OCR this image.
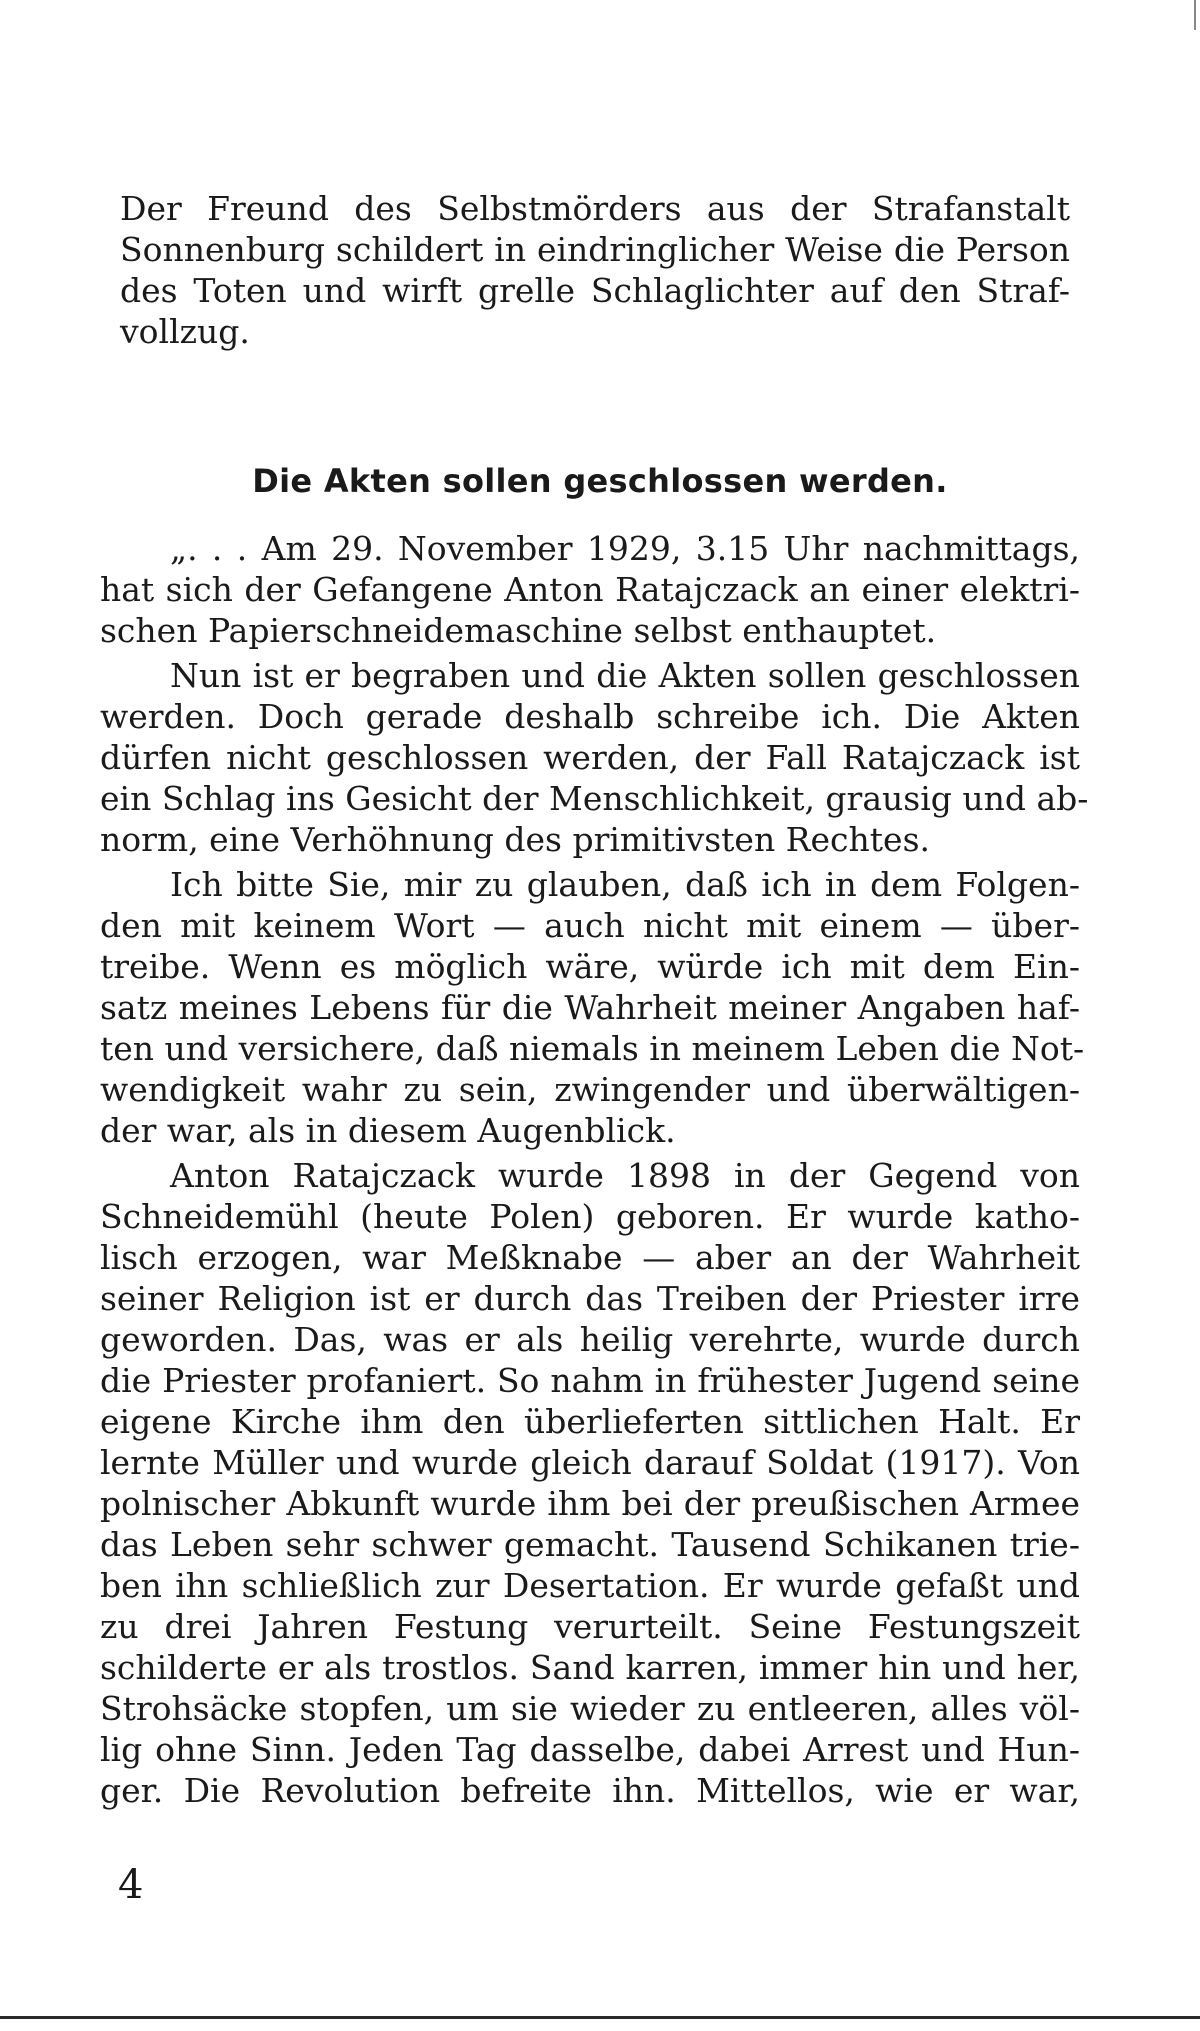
Der Freund des Selbstmörders aus der Strafanstalt
Sonnenburg schildert in eindringlicher Weise die Person
des Toten und wirft grelle Schlaglichter auf den Straf-
vollzug.
Die Akten sollen geschlossen werden.
„. . . Am 29. November 1929, 3.15 Uhr nachmittags,
hat sich der Gefangene Anton Ratajczack an einer elektri-
schen Papierschneidemaschine selbst enthauptet.
Nun ist er begraben und die Akten sollen geschlossen
werden. Doch gerade deshalb schreibe ich. Die Akten
dürfen nicht geschlossen werden, der Fall Ratajczack ist
ein Schlag ins Gesicht der Menschlichkeit, grausig und ab-
norm, eine Verhöhnung des primitivsten Rechtes.
Ich bitte Sie, mir zu glauben, daß ich in dem Folgen-
den mit keinem Wort — auch nicht mit einem — über-
treibe. Wenn es möglich wäre, würde ich mit dem Ein-
satz meines Lebens für die Wahrheit meiner Angaben haf-
ten und versichere, daß niemals in meinem Leben die Not-
wendigkeit wahr zu sein, zwingender und überwältigen-
der war, als in diesem Augenblick.
Anton Ratajczack wurde 1898 in der Gegend von
Schneidemühl (heute Polen) geboren. Er wurde katho-
lisch erzogen, war Meßknabe — aber an der Wahrheit
seiner Religion ist er durch das Treiben der Priester irre
geworden. Das, was er als heilig verehrte, wurde durch
die Priester profaniert. So nahm in frühester Jugend seine
eigene Kirche ihm den überlieferten sittlichen Halt. Er
lernte Müller und wurde gleich darauf Soldat (1917). Von
polnischer Abkunft wurde ihm bei der preußischen Armee
das Leben sehr schwer gemacht. Tausend Schikanen trie-
ben ihn schließlich zur Desertation. Er wurde gefaßt und
zu drei Jahren Festung verurteilt. Seine Festungszeit
schilderte er als trostlos. Sand karren, immer hin und her,
Strohsäcke stopfen, um sie wieder zu entleeren, alles völ-
lig ohne Sinn. Jeden Tag dasselbe, dabei Arrest und Hun-
ger. Die Revolution befreite ihn. Mittellos, wie er war,
4
